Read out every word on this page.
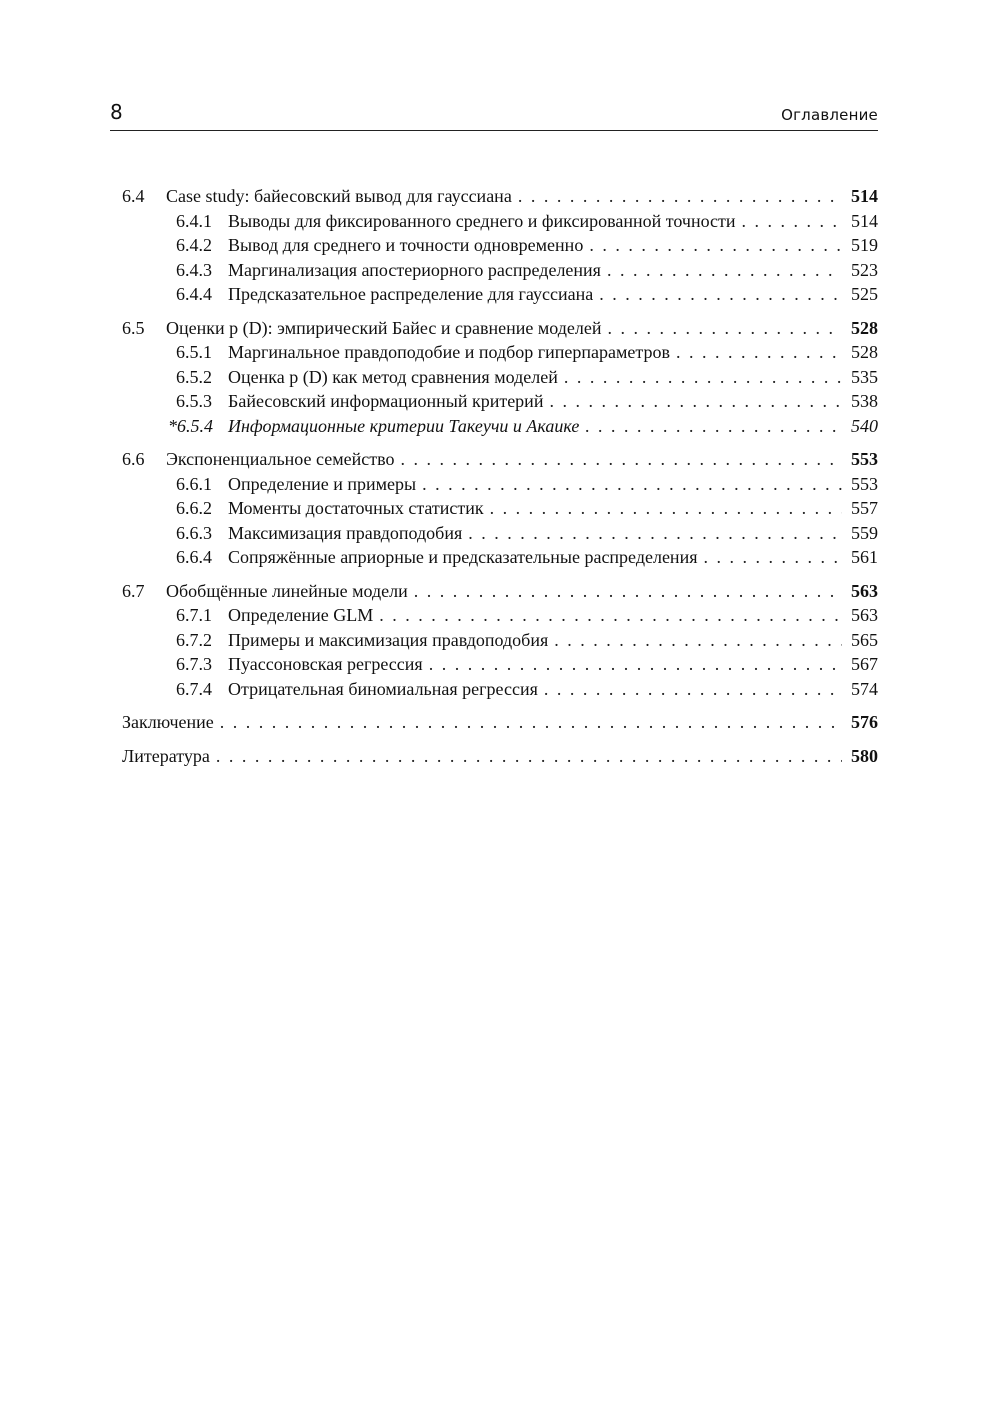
8	Оглавление
6.4	Case study: байесовский вывод для гауссиана . . .	514
6.4.1 Выводы для фиксированного среднего и фиксированной точности . . .	514
6.4.2 Вывод для среднего и точности одновременно . . .	519
6.4.3 Маргинализация апостериорного распределения . . .	523
6.4.4 Предсказательное распределение для гауссиана . . .	525
6.5	Оценки p (D): эмпирический Байес и сравнение моделей . . .	528
6.5.1 Маргинальное правдоподобие и подбор гиперпараметров . . .	528
6.5.2 Оценка p (D) как метод сравнения моделей . . .	535
6.5.3 Байесовский информационный критерий . . .	538
*6.5.4 Информационные критерии Такеучи и Акаике . . .	540
6.6	Экспоненциальное семейство . . .	553
6.6.1 Определение и примеры . . .	553
6.6.2 Моменты достаточных статистик . . .	557
6.6.3 Максимизация правдоподобия . . .	559
6.6.4 Сопряжённые априорные и предсказательные распределения . . .	561
6.7	Обобщённые линейные модели . . .	563
6.7.1 Определение GLM . . .	563
6.7.2 Примеры и максимизация правдоподобия . . .	565
6.7.3 Пуассоновская регрессия . . .	567
6.7.4 Отрицательная биномиальная регрессия . . .	574
Заключение . . .	576
Литература . . .	580
